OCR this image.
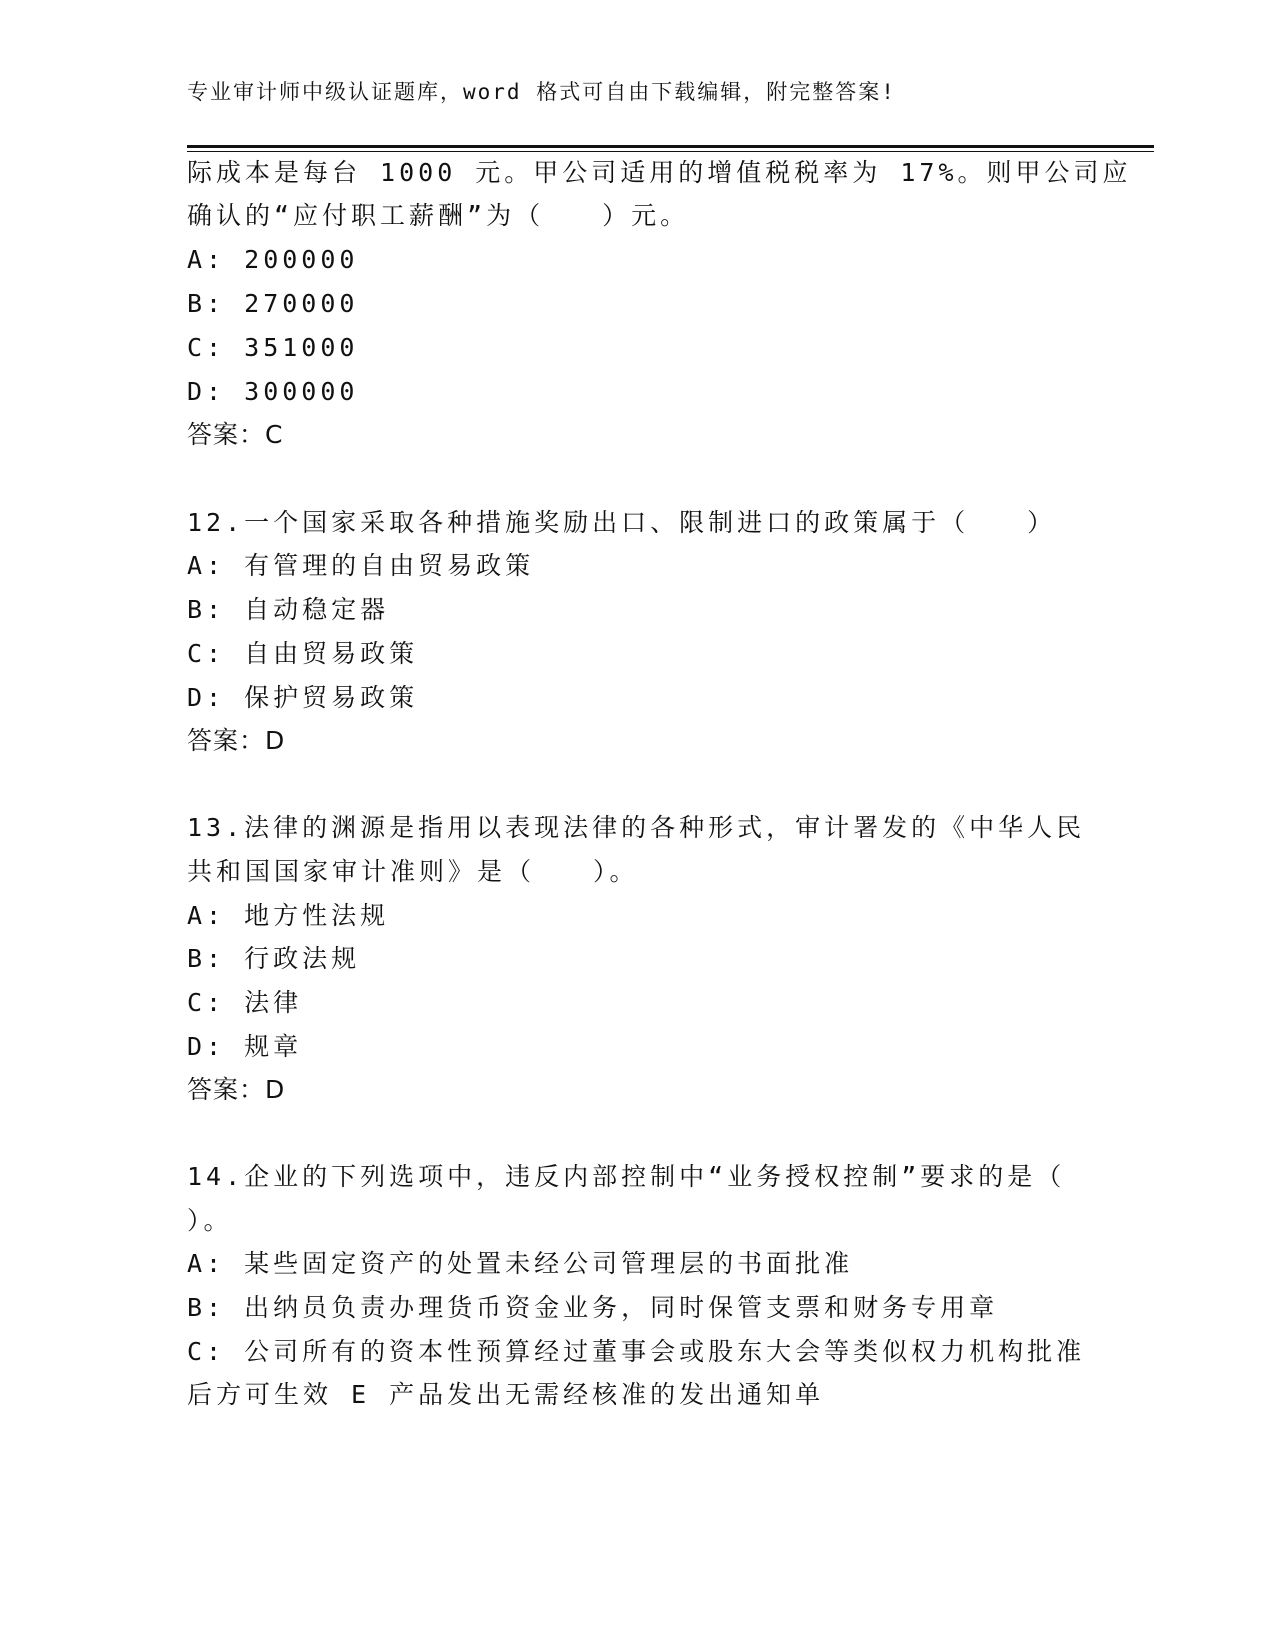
专业审计师中级认证题库，word 格式可自由下载编辑，附完整答案!
际成本是每台 1000 元。甲公司适用的增值税税率为 17%。则甲公司应
确认的“应付职工薪酬”为（　　）元。
A: 200000
B: 270000
C: 351000
D: 300000
答案：C
12.一个国家采取各种措施奖励出口、限制进口的政策属于（　　）
A: 有管理的自由贸易政策
B: 自动稳定器
C: 自由贸易政策
D: 保护贸易政策
答案：D
13.法律的渊源是指用以表现法律的各种形式，审计署发的《中华人民
共和国国家审计准则》是（　　）。
A: 地方性法规
B: 行政法规
C: 法律
D: 规章
答案：D
14.企业的下列选项中，违反内部控制中“业务授权控制”要求的是（
）。
A: 某些固定资产的处置未经公司管理层的书面批准
B: 出纳员负责办理货币资金业务，同时保管支票和财务专用章
C: 公司所有的资本性预算经过董事会或股东大会等类似权力机构批准
后方可生效 E 产品发出无需经核准的发出通知单
